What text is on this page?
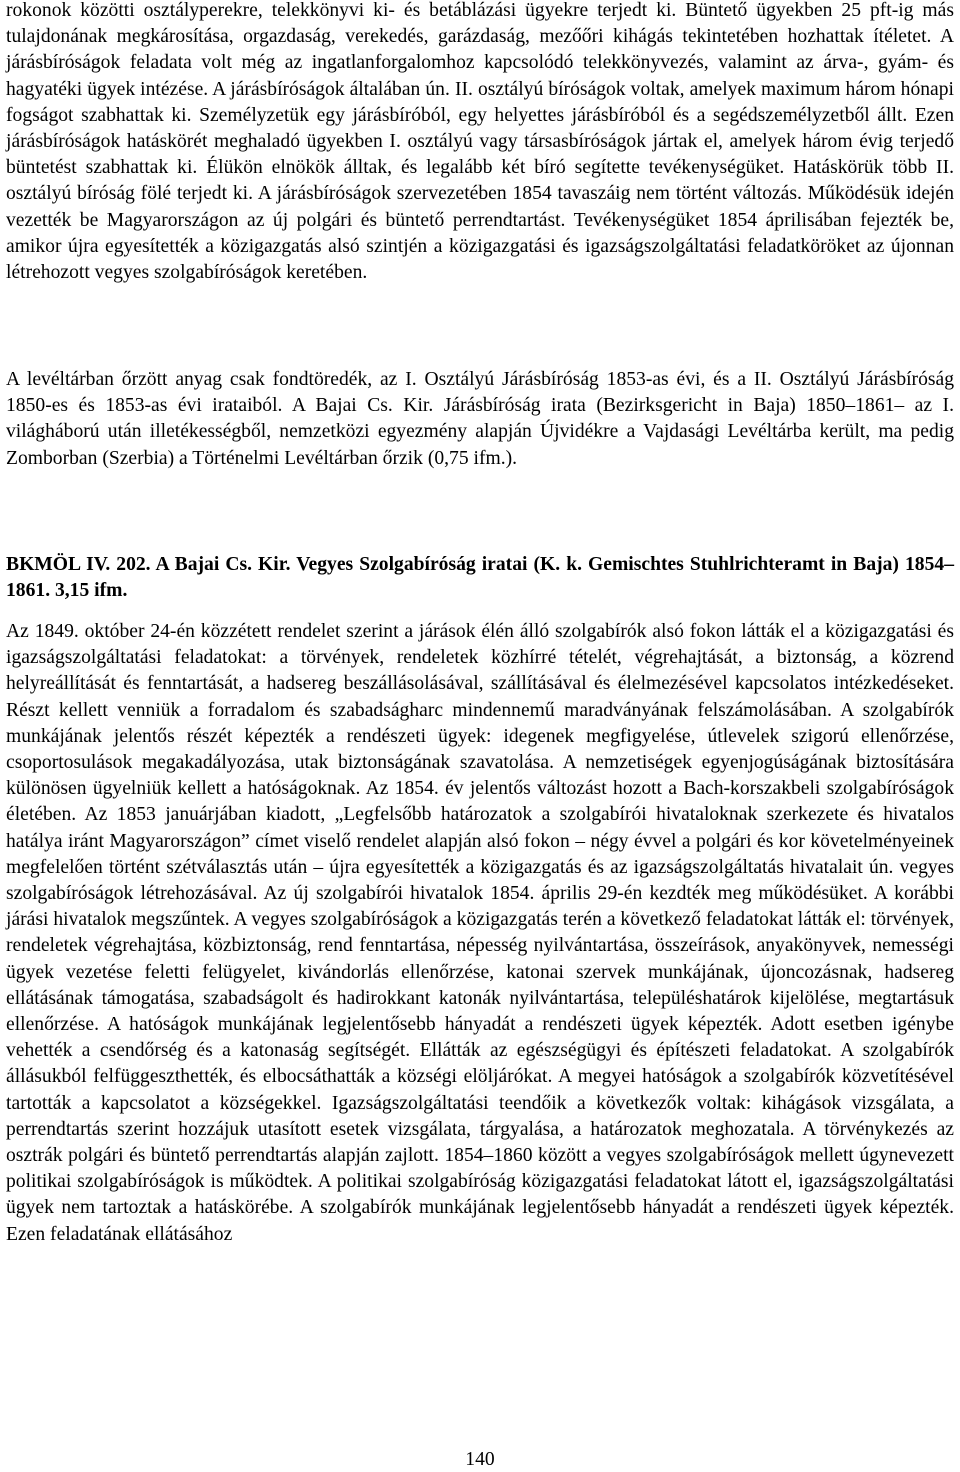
rokonok közötti osztályperekre, telekkönyvi ki- és betáblázási ügyekre terjedt ki. Büntető ügyekben 25 pft-ig más tulajdonának megkárosítása, orgazdaság, verekedés, garázdaság, mezőőri kihágás tekintetében hozhattak ítéletet. A járásbíróságok feladata volt még az ingatlanforgalomhoz kapcsolódó telekkönyvezés, valamint az árva-, gyám- és hagyatéki ügyek intézése. A járásbíróságok általában ún. II. osztályú bíróságok voltak, amelyek maximum három hónapi fogságot szabhattak ki. Személyzetük egy járásbíróból, egy helyettes járásbíróból és a segédszemélyzetből állt. Ezen járásbíróságok hatáskörét meghaladó ügyekben I. osztályú vagy társasbíróságok jártak el, amelyek három évig terjedő büntetést szabhattak ki. Élükön elnökök álltak, és legalább két bíró segítette tevékenységüket. Hatáskörük több II. osztályú bíróság fölé terjedt ki. A járásbíróságok szervezetében 1854 tavaszáig nem történt változás. Működésük idején vezették be Magyarországon az új polgári és büntető perrendtartást. Tevékenységüket 1854 áprilisában fejezték be, amikor újra egyesítették a közigazgatás alsó szintjén a közigazgatási és igazságszolgáltatási feladatköröket az újonnan létrehozott vegyes szolgabíróságok keretében.

A levéltárban őrzött anyag csak fondtöredék, az I. Osztályú Járásbíróság 1853-as évi, és a II. Osztályú Járásbíróság 1850-es és 1853-as évi irataiból. A Bajai Cs. Kir. Járásbíróság irata (Bezirksgericht in Baja) 1850–1861– az I. világháború után illetékességből, nemzetközi egyezmény alapján Újvidékre a Vajdasági Levéltárba került, ma pedig Zomborban (Szerbia) a Történelmi Levéltárban őrzik (0,75 ifm.).

BKMÖL IV. 202. A Bajai Cs. Kir. Vegyes Szolgabíróság iratai (K. k. Gemischtes Stuhlrichteramt in Baja) 1854–1861. 3,15 ifm.

Az 1849. október 24-én közzétett rendelet szerint a járások élén álló szolgabírók alsó fokon látták el a közigazgatási és igazságszolgáltatási feladatokat: a törvények, rendeletek közhírré tételét, végrehajtását, a biztonság, a közrend helyreállítását és fenntartását, a hadsereg beszállásolásával, szállításával és élelmezésével kapcsolatos intézkedéseket. Részt kellett venniük a forradalom és szabadságharc mindennemű maradványának felszámolásában. A szolgabírók munkájának jelentős részét képezték a rendészeti ügyek: idegenek megfigyelése, útlevelek szigorú ellenőrzése, csoportosulások megakadályozása, utak biztonságának szavatolása. A nemzetiségek egyenjogúságának biztosítására különösen ügyelniük kellett a hatóságoknak. Az 1854. év jelentős változást hozott a Bach-korszakbeli szolgabíróságok életében. Az 1853 januárjában kiadott, „Legfelsőbb határozatok a szolgabírói hivataloknak szerkezete és hivatalos hatálya iránt Magyarországon” címet viselő rendelet alapján alsó fokon – négy évvel a polgári és kor követelményeinek megfelelően történt szétválasztás után – újra egyesítették a közigazgatás és az igazságszolgáltatás hivatalait ún. vegyes szolgabíróságok létrehozásával. Az új szolgabírói hivatalok 1854. április 29-én kezdték meg működésüket. A korábbi járási hivatalok megszűntek. A vegyes szolgabíróságok a közigazgatás terén a következő feladatokat látták el: törvények, rendeletek végrehajtása, közbiztonság, rend fenntartása, népesség nyilvántartása, összeírások, anyakönyvek, nemességi ügyek vezetése feletti felügyelet, kivándorlás ellenőrzése, katonai szervek munkájának, újoncozásnak, hadsereg ellátásának támogatása, szabadságolt és hadirokkant katonák nyilvántartása, településhatárok kijelölése, megtartásuk ellenőrzése. A hatóságok munkájának legjelentősebb hányadát a rendészeti ügyek képezték. Adott esetben igénybe vehették a csendőrség és a katonaság segítségét. Ellátták az egészségügyi és építészeti feladatokat. A szolgabírók állásukból felfüggeszthették, és elbocsáthatták a községi elöljárókat. A megyei hatóságok a szolgabírók közvetítésével tartották a kapcsolatot a községekkel. Igazságszolgáltatási teendőik a következők voltak: kihágások vizsgálata, a perrendtartás szerint hozzájuk utasított esetek vizsgálata, tárgyalása, a határozatok meghozatala. A törvénykezés az osztrák polgári és büntető perrendtartás alapján zajlott. 1854–1860 között a vegyes szolgabíróságok mellett úgynevezett politikai szolgabíróságok is működtek. A politikai szolgabíróság közigazgatási feladatokat látott el, igazságszolgáltatási ügyek nem tartoztak a hatáskörébe. A szolgabírók munkájának legjelentősebb hányadát a rendészeti ügyek képezték. Ezen feladatának ellátásához

140
